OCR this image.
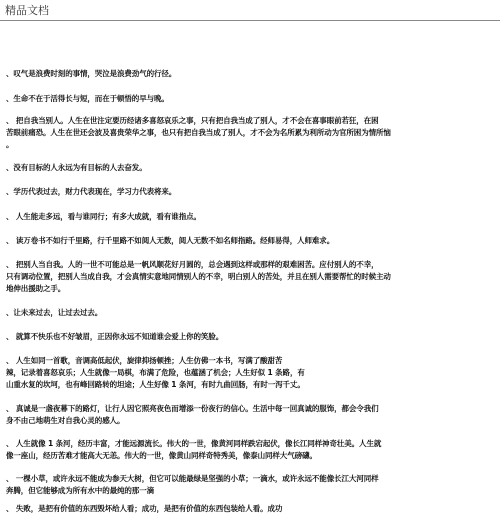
精品文档
、叹气是浪费时刻的事情，哭泣是浪费劲气的行径。
、生命不在于活得长与短，而在于顿悟的早与晚。
、 把自我当别人。人生在世注定要历经诸多喜怒哀乐之事，只有把自我当成了别人，才不会在喜事眼前若狂，在困
苦眼前痛恐。人生在世还会波及喜贵荣华之事，也只有把自我当成了别人，才不会为名所累为利所动为官所困为情所恼
。
、没有目标的人永远为有目标的人去奋发。
、学历代表过去，财力代表现在，学习力代表将来。
、 人生能走多远，看与谁同行；有多大成就，看有谁指点。
、 读万卷书不如行千里路，行千里路不如阅人无数，阅人无数不如名师指路。经师易得，人师难求。
、 把别人当自我。人的一世不可能总是一帆风顺花好月圆的，总会遇到这样或那样的艰难困苦。应付别人的不幸，
只有调动位置，把别人当成自我，才会真情实意地同情别人的不幸，明白别人的苦处，并且在别人需要帮忙的时候主动
地伸出援助之手。
、让未来过去，让过去过去。
、 就算不快乐也不好皱眉，正因你永远不知道谁会爱上你的笑脸。
、 人生如同一首歌，音调高低起伏，旋律抑扬顿挫；人生仿佛一本书，写满了酸甜苦
辣，记录着喜怒哀乐；人生就像一局棋，布满了危险，也蕴涵了机会；人生好似 1 条路，有
山重水复的坎坷，也有峰回路转的坦途；人生好像 1 条河，有时九曲回肠，有时一泻千丈。
、 真诚是一盏夜幕下的路灯，让行人因它照亮夜色而增添一份夜行的信心。生活中每一回真诚的服饰，都会令我们
身不由己地萌生对自我心灵的感人。
、 人生就像 1 条河，经历丰富，才能远源流长。伟大的一世，像黄河同样跌宕起伏，像长江同样神奇壮美。人生就
像一座山，经历苦难才能高大无恙。伟大的一世，像黄山同样奇特秀美，像泰山同样大气磅礴。
、 一棵小草，或许永远不能成为参天大树，但它可以能最绿是坚强的小草；一滴水，或许永远不能像长江大河同样
奔腾，但它能够成为所有水中的最纯的那一滴
、 失败，是把有价值的东西毁坏给人看；成功，是把有价值的东西包装给人看。成功
